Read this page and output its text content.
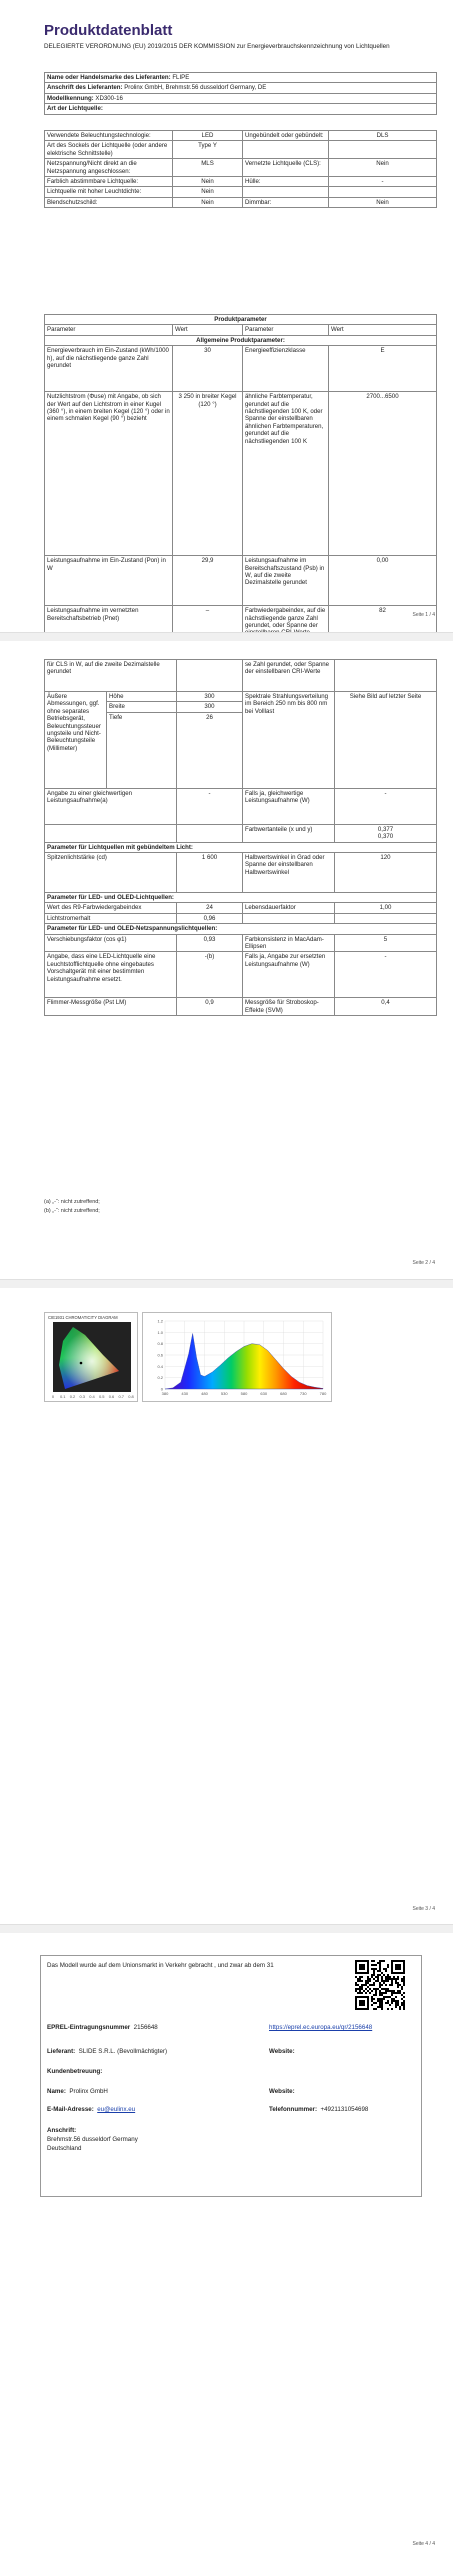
Produktdatenblatt
DELEGIERTE VERORDNUNG (EU) 2019/2015 DER KOMMISSION zur Energieverbrauchskennzeichnung von Lichtquellen
Name oder Handelsmarke des Lieferanten: FLIPE
Anschrift des Lieferanten: Prolinx GmbH, Brehmstr.56 dusseldorf Germany, DE
Modellkennung: XD300-16
Art der Lichtquelle:
Verwendete Beleuchtungstechnologie:	LED	Ungebündelt oder gebündelt:	DLS
Art des Sockels der Lichtquelle (oder andere elektrische Schnittstelle)	Type Y		
Netzspannung/Nicht direkt an die Netzspannung angeschlossen:	MLS	Vernetzte Lichtquelle (CLS):	Nein
Farblich abstimmbare Lichtquelle:	Nein	Hülle:	-
Lichtquelle mit hoher Leuchtdichte:	Nein		
Blendschutzschild:	Nein	Dimmbar:	Nein
Produktparameter			
Parameter	Wert	Parameter	Wert
Allgemeine Produktparameter:			
Energieverbrauch im Ein-Zustand (kWh/1000 h), auf die nächstliegende ganze Zahl gerundet	30	Energieeffizienzklasse	E
Nutzlichtstrom (Φuse) mit Angabe, ob sich der Wert auf den Lichtstrom in einer Kugel (360 °), in einem breiten Kegel (120 °) oder in einem schmalen Kegel (90 °) bezieht	3 250 in breiter Kegel (120 °)	ähnliche Farbtemperatur, gerundet auf die nächstliegenden 100 K, oder Spanne der einstellbaren ähnlichen Farbtemperaturen, gerundet auf die nächstliegenden 100 K	2700...6500
Leistungsaufnahme im Ein-Zustand (Pon) in W	29,9	Leistungsaufnahme im Bereitschaftszustand (Psb) in W, auf die zweite Dezimalstelle gerundet	0,00
Leistungsaufnahme im vernetzten Bereitschaftsbetrieb (Pnet)	–	Farbwiedergabeindex, auf die nächstliegende ganze Zahl gerundet, oder Spanne der	82
Seite 1 / 4
für CLS in W, auf die zweite Dezimalstelle gerundet			se Zahl gerundet, oder Spanne der einstellbaren CRI-Werte	
Äußere Abmessungen, ggf. ohne separates Betriebsgerät, Beleuchtungssteuerungsteile und Nicht-Beleuchtungsteile (Millimeter)	Höhe	300	Spektrale Strahlungsverteilung im Bereich 250 nm bis 800 nm bei Volllast	Siehe Bild auf letzter Seite
	Breite	300		
	Tiefe	26		
Angabe zu einer gleichwertigen Leistungsaufnahme(a)		-	Falls ja, gleichwertige Leistungsaufnahme (W)	-
			Farbwertanteile (x und y)	0,377
0,370

Parameter für Lichtquellen mit gebündeltem Licht:				
Spitzenlichtstärke (cd)		1 600	Halbwertswinkel in Grad oder Spanne der einstellbaren Halbwertswinkel	120
Parameter für LED- und OLED-Lichtquellen:				
Wert des R9-Farbwiedergabeindex		24	Lebensdauerfaktor	1,00
Lichtstromerhalt		0,96		
Parameter für LED- und OLED-Netzspannungslichtquellen:				
Verschiebungsfaktor (cos φ1)		0,93	Farbkonsistenz in MacAdam-Ellipsen	5
Angabe, dass eine LED-Lichtquelle eine Leuchtstofflichtquelle ohne eingebautes Vorschaltgerät mit einer bestimmten Leistungsaufnahme ersetzt.		-(b)	Falls ja, Angabe zur ersetzten Leistungsaufnahme (W)	-
Flimmer-Messgröße (Pst LM)		0,9	Messgröße für Stroboskop-Effekte (SVM)	0,4
(a) „-“: nicht zutreffend;
(b) „-“: nicht zutreffend;
Seite 2 / 4
CIE1931 CHROMATICITY DIAGRAM
0 0.1 0.2 0.3 0.4 0.5 0.6 0.7 0.8
380	430	480	530	580	630	680	730	780
0
0.2
0.4
0.6
0.8
1.0
1.2
Seite 3 / 4
Das Modell wurde auf dem Unionsmarkt in Verkehr gebracht , und zwar ab dem 31
EPREL-Eintragungsnummer 2156648	https://eprel.ec.europa.eu/qr/2156648
Lieferant: SLIDE S.R.L. (Bevollmächtigter)	Website:
Kundenbetreuung:
Name: Prolinx GmbH	Website:
E-Mail-Adresse: eu@eulinx.eu	Telefonnummer: +4921131054698
Anschrift:
Brehmstr.56 dusseldorf Germany
Deutschland
Seite 4 / 4
